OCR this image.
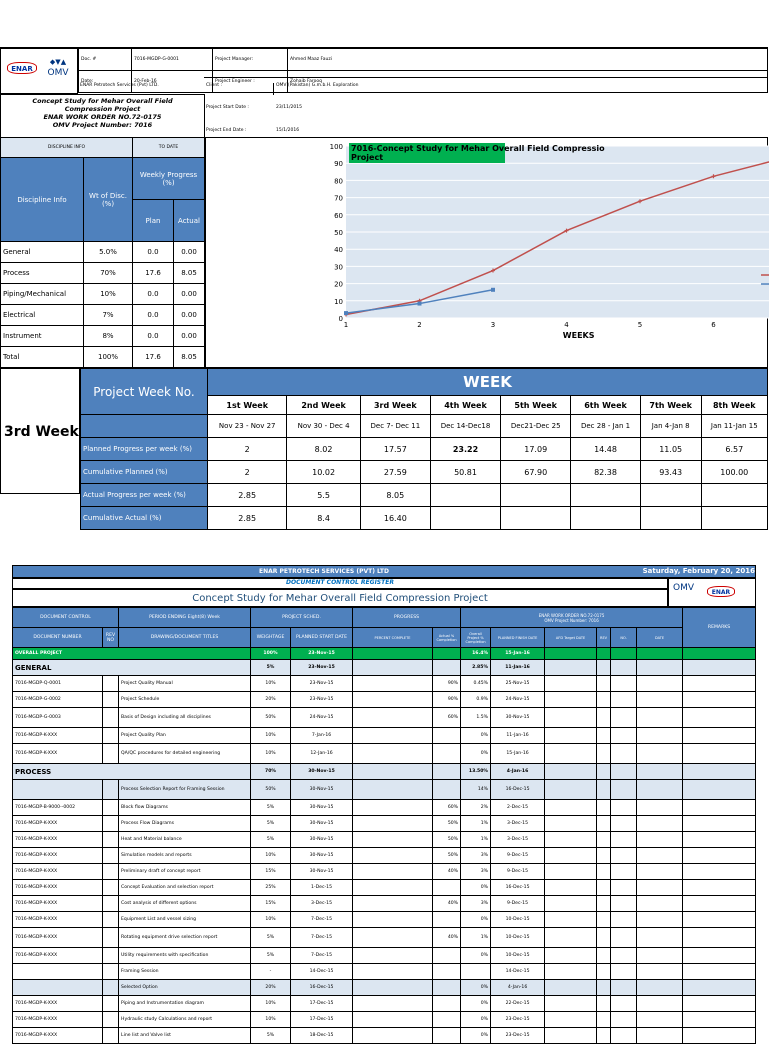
ENAR
◆▼▲
OMV
Doc. #	7016-MGDP-G-0001	Project Manager:	Ahmed Maaz Fauzi
Date:	20-Feb-16	Project Engineer :	Zohaib Farooq
ENAR Petrotech Services (Pvt) LTD.	Client :	OMV (Pakistan) G.m.b.H. Exploration
Concept Study for Mehar Overall Field
Compression Project
ENAR WORK ORDER NO.72-0175
OMV Project Number: 7016
Project Start Date :	23/11/2015
Project End Date :	15/1/2016
DISCIPLINE INFO		TO DATE	
Discipline Info	Wt of Disc. (%)	Weekly Progress (%)	
		Plan	Actual
General	5.0%	0.0	0.00
Process	70%	17.6	8.05
Piping/Mechanical	10%	0.0	0.00
Electrical	7%	0.0	0.00
Instrument	8%	0.0	0.00
Total	100%	17.6	8.05
0
10
20
30
40
50
60
70
80
90
100
1	2	3	4	5	6
WEEKS
7016-Concept Study for Mehar Overall Field Compressio
Project
3rd Week
Project Week No.	WEEK							
	1st Week	2nd Week	3rd Week	4th Week	5th Week	6th Week	7th Week	8th Week
	Nov 23 - Nov 27	Nov 30 - Dec 4	Dec 7- Dec 11	Dec 14-Dec18	Dec21-Dec 25	Dec 28 - Jan 1	Jan 4-Jan 8	Jan 11-Jan 15
Planned Progress per week (%)	2	8.02	17.57	23.22	17.09	14.48	11.05	6.57
Cumulative Planned (%)	2	10.02	27.59	50.81	67.90	82.38	93.43	100.00
Actual Progress per week (%)	2.85	5.5	8.05					
Cumulative Actual (%)	2.85	8.4	16.40					
ENAR PETROTECH SERVICES (PVT) LTD	Saturday, February 20, 2016
DOCUMENT CONTROL REGISTER
Concept Study for Mehar Overall Field Compression Project
OMV	ENAR
DOCUMENT CONTROL		PERIOD ENDING Eight(8) Week	PROJECT SCHED.		PROGRESS		ENAR WORK ORDER NO.72-0175
OMV Project Number: 7016						REMARKS
DOCUMENT NUMBER	REV NO	DRAWING/DOCUMENT TITLES	WEIGHTAGE	PLANNED START DATE	PERCENT COMPLETE	Actual % Completion	Overall Project % Completion	PLANNED FINISH DATE	AFD Target DATE	REV	NO.	DATE	
OVERALL PROJECT			100%	23-Nov-15			16.4%	15-Jan-16					
GENERAL			5%	23-Nov-15			2.85%	11-Jan-16					
7016-MGDP-Q-0001		Project Quality Manual	10%	23-Nov-15		90%	0.45%	25-Nov-15					
7016-MGDP-G-0002		Project Schedule	20%	23-Nov-15		90%	0.9%	24-Nov-15					
7016-MGDP-G-0003		Basis of Design including all disciplines	50%	24-Nov-15		60%	1.5%	30-Nov-15					
7016-MGDP-K-XXX		Project Quality Plan	10%	7-Jan-16			0%	11-Jan-16					
7016-MGDP-K-XXX		QA/QC procedures for detailed engineering	10%	12-Jan-16			0%	15-Jan-16					
PROCESS			70%	30-Nov-15			13.50%	4-Jan-16					
		Process Selection Report for Framing Session	50%	30-Nov-15			14%	16-Dec-15					
7016-MGDP-B-9000--0002		Block flow Diagrams	5%	30-Nov-15		60%	2%	2-Dec-15					
7016-MGDP-K-XXX		Process Flow Diagrams	5%	30-Nov-15		50%	1%	3-Dec-15					
7016-MGDP-K-XXX		Heat and Material balance	5%	30-Nov-15		50%	1%	3-Dec-15					
7016-MGDP-K-XXX		Simulation models and reports	10%	30-Nov-15		50%	3%	9-Dec-15					
7016-MGDP-K-XXX		Preliminary draft of concept report	15%	30-Nov-15		40%	3%	9-Dec-15					
7016-MGDP-K-XXX		Concept Evaluation and selection report	25%	1-Dec-15			0%	16-Dec-15					
7016-MGDP-K-XXX		Cost analysis of different options	15%	3-Dec-15		40%	3%	9-Dec-15					
7016-MGDP-K-XXX		Equipment List and vessel sizing	10%	7-Dec-15			0%	10-Dec-15					
7016-MGDP-K-XXX		Rotating equipment drive selection report	5%	7-Dec-15		40%	1%	10-Dec-15					
7016-MGDP-K-XXX		Utility requirements with specification	5%	7-Dec-15			0%	10-Dec-15					
		Framing Session	-	14-Dec-15				14-Dec-15					
		Selected Option	20%	16-Dec-15			0%	4-Jan-16					
7016-MGDP-K-XXX		Piping and Instrumentation diagram	10%	17-Dec-15			0%	22-Dec-15					
7016-MGDP-K-XXX		Hydraulic study Calculations and report	10%	17-Dec-15			0%	23-Dec-15					
7016-MGDP-K-XXX		Line list and Valve list	5%	18-Dec-15			0%	23-Dec-15					
